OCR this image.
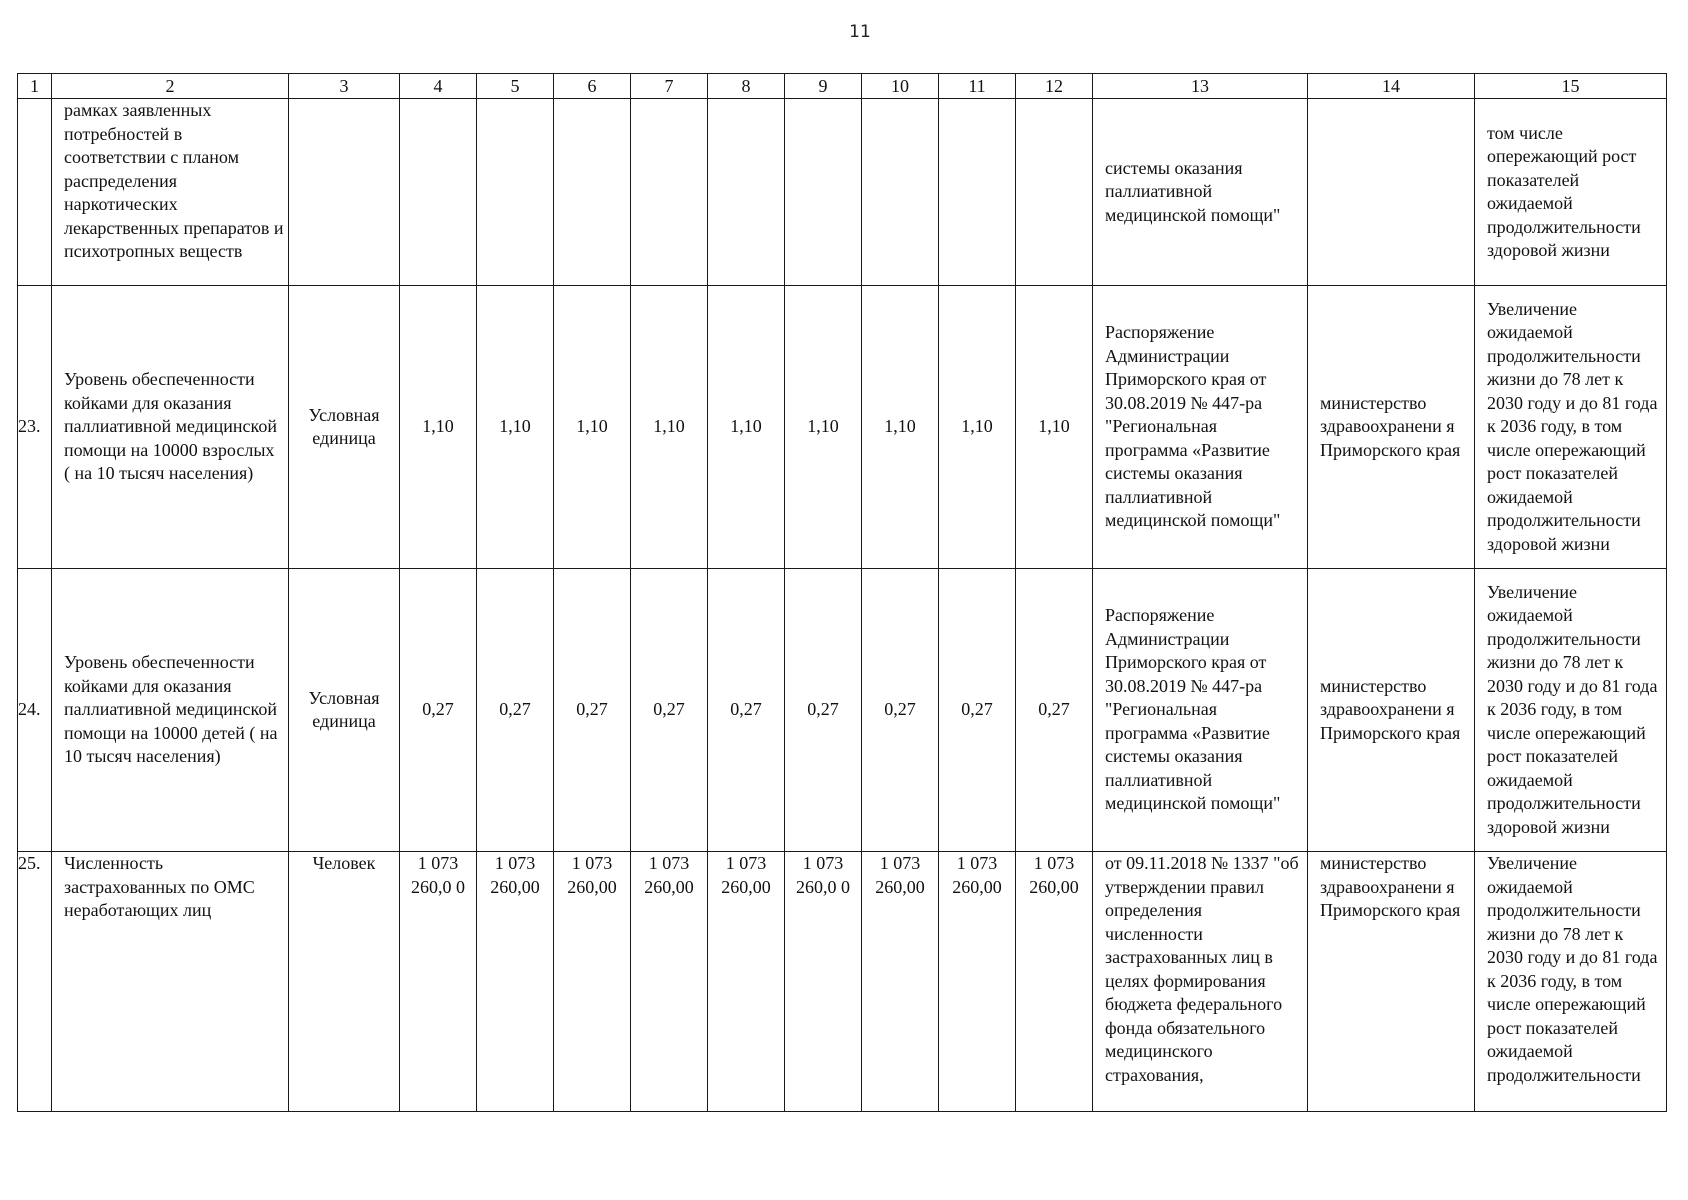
11
1	2	3	4	5	6	7	8	9	10	11	12	13	14	15
	рамках заявленных потребностей в соответствии с планом распределения наркотических лекарственных препаратов и психотропных веществ											системы оказания паллиативной медицинской помощи"		том числе опережающий рост показателей ожидаемой продолжительности здоровой жизни
23.	Уровень обеспеченности койками для оказания паллиативной медицинской помощи на 10000 взрослых ( на 10 тысяч населения)	Условная единица	1,10	1,10	1,10	1,10	1,10	1,10	1,10	1,10	1,10	Распоряжение Администрации Приморского края от 30.08.2019 № 447-ра "Региональная программа «Развитие системы оказания паллиативной медицинской помощи"	министерство здравоохранени я Приморского края	Увеличение ожидаемой продолжительности жизни до 78 лет к 2030 году и до 81 года к 2036 году, в том числе опережающий рост показателей ожидаемой продолжительности здоровой жизни
24.	Уровень обеспеченности койками для оказания паллиативной медицинской помощи на 10000 детей ( на 10 тысяч населения)	Условная единица	0,27	0,27	0,27	0,27	0,27	0,27	0,27	0,27	0,27	Распоряжение Администрации Приморского края от 30.08.2019 № 447-ра "Региональная программа «Развитие системы оказания паллиативной медицинской помощи"	министерство здравоохранени я Приморского края	Увеличение ожидаемой продолжительности жизни до 78 лет к 2030 году и до 81 года к 2036 году, в том числе опережающий рост показателей ожидаемой продолжительности здоровой жизни
25.	Численность застрахованных по ОМС неработающих лиц	Человек	1 073 260,0 0	1 073 260,00	1 073 260,00	1 073 260,00	1 073 260,00	1 073 260,0 0	1 073 260,00	1 073 260,00	1 073 260,00	от 09.11.2018 № 1337 "об утверждении правил определения численности застрахованных лиц в целях формирования бюджета федерального фонда обязательного медицинского страхования,	министерство здравоохранени я Приморского края	Увеличение ожидаемой продолжительности жизни до 78 лет к 2030 году и до 81 года к 2036 году, в том числе опережающий рост показателей ожидаемой продолжительности
